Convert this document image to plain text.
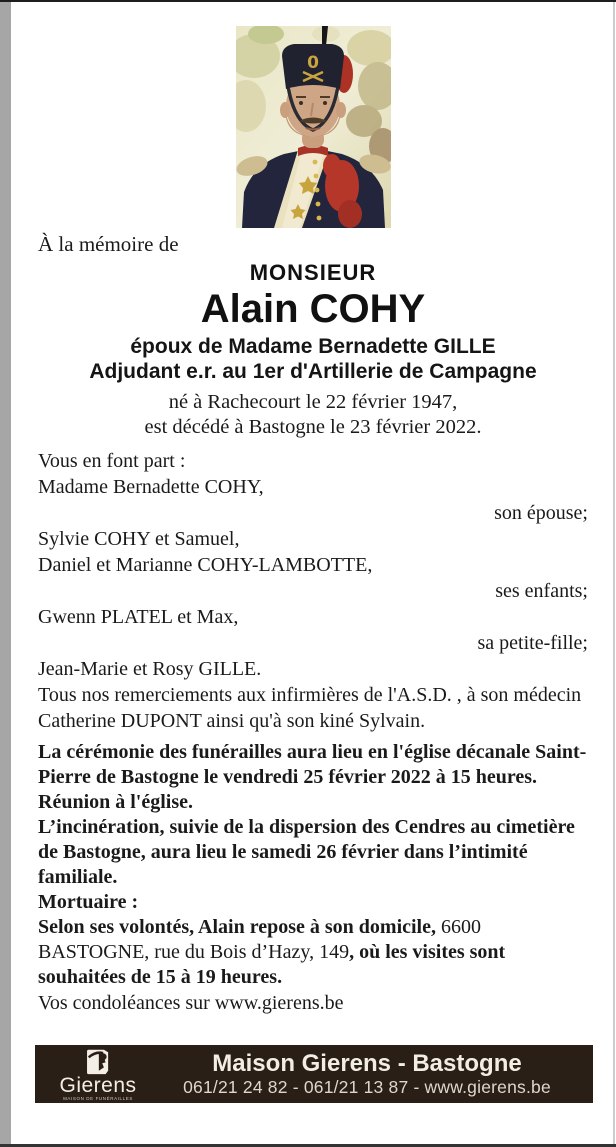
0
À la mémoire de
MONSIEUR
Alain COHY
époux de Madame Bernadette GILLE
Adjudant e.r. au 1er d'Artillerie de Campagne
né à Rachecourt le 22 février 1947,
est décédé à Bastogne le 23 février 2022.
Vous en font part :
Madame Bernadette COHY,
son épouse;
Sylvie COHY et Samuel,
Daniel et Marianne COHY-LAMBOTTE,
ses enfants;
Gwenn PLATEL et Max,
sa petite-fille;
Jean-Marie et Rosy GILLE.
Tous nos remerciements aux infirmières de l'A.S.D. , à son médecin Catherine DUPONT ainsi qu'à son kiné Sylvain.
La cérémonie des funérailles aura lieu en l'église décanale Saint-Pierre de Bastogne le vendredi 25 février 2022 à 15 heures.
Réunion à l'église.
L’incinération, suivie de la dispersion des Cendres au cimetière de Bastogne, aura lieu le samedi 26 février dans l’intimité familiale.
Mortuaire :
Selon ses volontés, Alain repose à son domicile, 6600 BASTOGNE, rue du Bois d’Hazy, 149, où les visites sont souhaitées de 15 à 19 heures.
Vos condoléances sur www.gierens.be
Gierens
MAISON DE FUNÉRAILLES
Maison Gierens - Bastogne
061/21 24 82 - 061/21 13 87 - www.gierens.be
